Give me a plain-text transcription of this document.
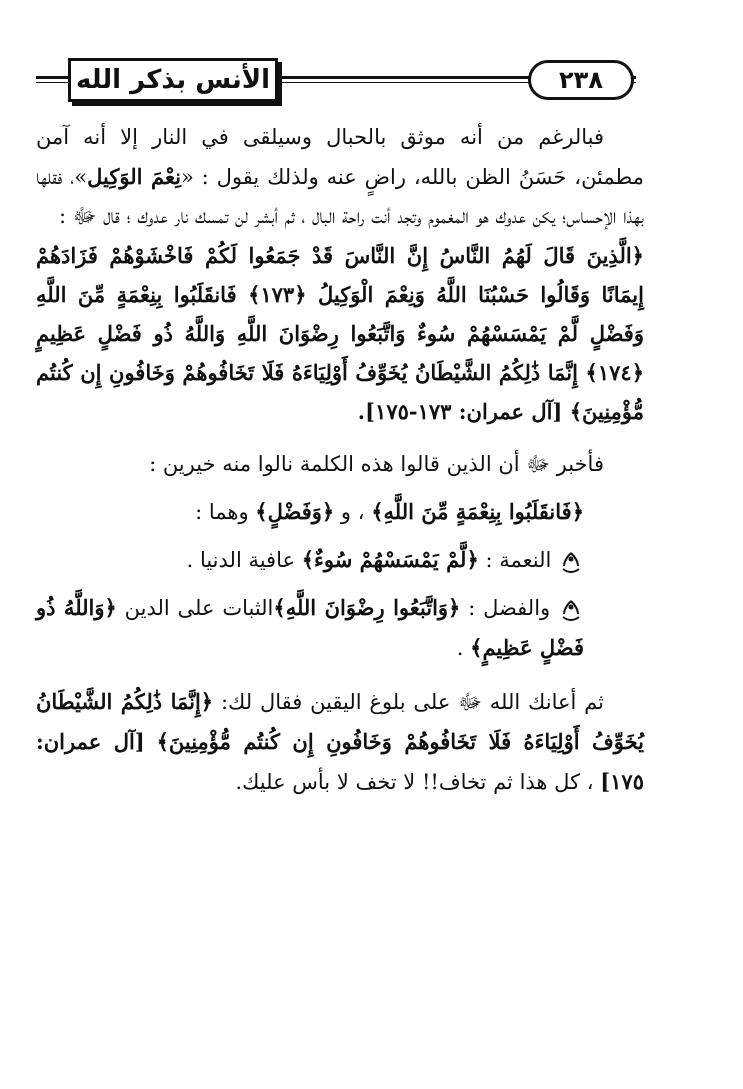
الأنس بذكر الله	٢٣٨

فبالرغم من أنه موثق بالحبال وسيلقى في النار إلا أنه آمن مطمئن، حَسَنُ الظن بالله، راضٍ عنه ولذلك يقول : «نِعْمَ الوَكِيل»، فقلها بهذا الإحساس؛ يكن عدوك هو المغموم وتجد أنت راحة البال ، ثم أبشر لن تمسك نار عدوك ؛ قال ﷻ :

﴿الَّذِينَ قَالَ لَهُمُ النَّاسُ إِنَّ النَّاسَ قَدْ جَمَعُوا لَكُمْ فَاخْشَوْهُمْ فَزَادَهُمْ إِيمَانًا وَقَالُوا حَسْبُنَا اللَّهُ وَنِعْمَ الْوَكِيلُ ﴿١٧٣﴾ فَانقَلَبُوا بِنِعْمَةٍ مِّنَ اللَّهِ وَفَضْلٍ لَّمْ يَمْسَسْهُمْ سُوءٌ وَاتَّبَعُوا رِضْوَانَ اللَّهِ وَاللَّهُ ذُو فَضْلٍ عَظِيمٍ ﴿١٧٤﴾ إِنَّمَا ذَٰلِكُمُ الشَّيْطَانُ يُخَوِّفُ أَوْلِيَاءَهُ فَلَا تَخَافُوهُمْ وَخَافُونِ إِن كُنتُم مُّؤْمِنِينَ﴾ [آل عمران: ١٧٣-١٧٥].

فأخبر ﷻ أن الذين قالوا هذه الكلمة نالوا منه خيرين :

﴿فَانقَلَبُوا بِنِعْمَةٍ مِّنَ اللَّهِ﴾ ، و ﴿وَفَضْلٍ﴾ وهما :

النعمة : ﴿لَّمْ يَمْسَسْهُمْ سُوءٌ﴾ عافية الدنيا .

والفضل : ﴿وَاتَّبَعُوا رِضْوَانَ اللَّهِ﴾الثبات على الدين ﴿وَاللَّهُ ذُو فَضْلٍ عَظِيمٍ﴾ .

ثم أعانك الله ﷻ على بلوغ اليقين فقال لك: ﴿إِنَّمَا ذَٰلِكُمُ الشَّيْطَانُ يُخَوِّفُ أَوْلِيَاءَهُ فَلَا تَخَافُوهُمْ وَخَافُونِ إِن كُنتُم مُّؤْمِنِينَ﴾ [آل عمران: ١٧٥] ، كل هذا ثم تخاف!! لا تخف لا بأس عليك.
